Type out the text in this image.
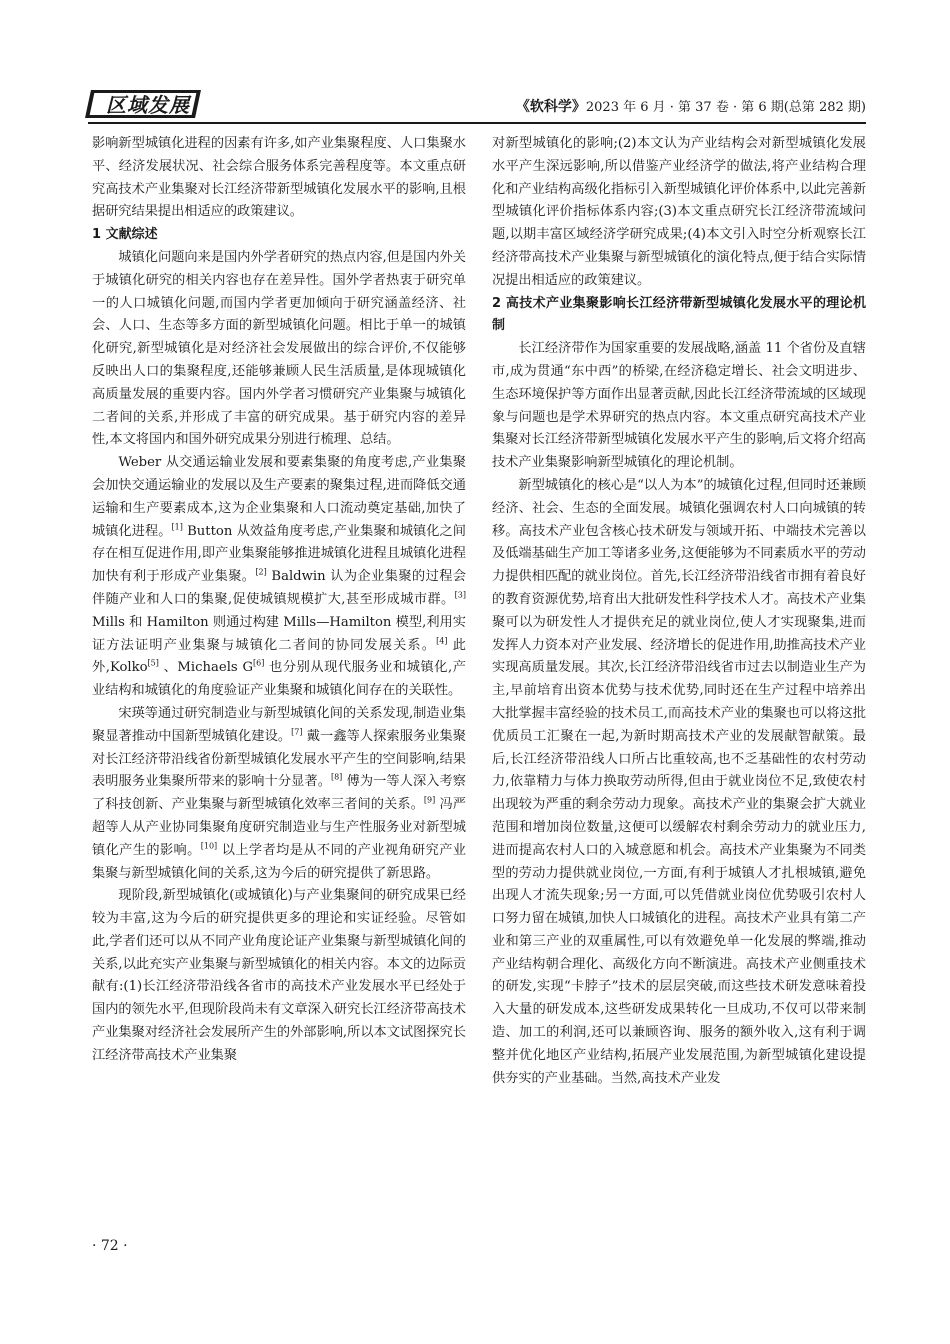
区域发展	《软科学》2023 年 6 月 · 第 37 卷 · 第 6 期(总第 282 期)

影响新型城镇化进程的因素有许多,如产业集聚程度、人口集聚水平、经济发展状况、社会综合服务体系完善程度等。本文重点研究高技术产业集聚对长江经济带新型城镇化发展水平的影响,且根据研究结果提出相适应的政策建议。

1 文献综述

城镇化问题向来是国内外学者研究的热点内容,但是国内外关于城镇化研究的相关内容也存在差异性。国外学者热衷于研究单一的人口城镇化问题,而国内学者更加倾向于研究涵盖经济、社会、人口、生态等多方面的新型城镇化问题。相比于单一的城镇化研究,新型城镇化是对经济社会发展做出的综合评价,不仅能够反映出人口的集聚程度,还能够兼顾人民生活质量,是体现城镇化高质量发展的重要内容。国内外学者习惯研究产业集聚与城镇化二者间的关系,并形成了丰富的研究成果。基于研究内容的差异性,本文将国内和国外研究成果分别进行梳理、总结。

Weber 从交通运输业发展和要素集聚的角度考虑,产业集聚会加快交通运输业的发展以及生产要素的聚集过程,进而降低交通运输和生产要素成本,这为企业集聚和人口流动奠定基础,加快了城镇化进程。[1] Button 从效益角度考虑,产业集聚和城镇化之间存在相互促进作用,即产业集聚能够推进城镇化进程且城镇化进程加快有利于形成产业集聚。[2] Baldwin 认为企业集聚的过程会伴随产业和人口的集聚,促使城镇规模扩大,甚至形成城市群。[3] Mills 和 Hamilton 则通过构建 Mills—Hamilton 模型,利用实证方法证明产业集聚与城镇化二者间的协同发展关系。[4] 此外,Kolko[5] 、Michaels G[6] 也分别从现代服务业和城镇化,产业结构和城镇化的角度验证产业集聚和城镇化间存在的关联性。

宋瑛等通过研究制造业与新型城镇化间的关系发现,制造业集聚显著推动中国新型城镇化建设。[7] 戴一鑫等人探索服务业集聚对长江经济带沿线省份新型城镇化发展水平产生的空间影响,结果表明服务业集聚所带来的影响十分显著。[8] 傅为一等人深入考察了科技创新、产业集聚与新型城镇化效率三者间的关系。[9] 冯严超等人从产业协同集聚角度研究制造业与生产性服务业对新型城镇化产生的影响。[10] 以上学者均是从不同的产业视角研究产业集聚与新型城镇化间的关系,这为今后的研究提供了新思路。

现阶段,新型城镇化(或城镇化)与产业集聚间的研究成果已经较为丰富,这为今后的研究提供更多的理论和实证经验。尽管如此,学者们还可以从不同产业角度论证产业集聚与新型城镇化间的关系,以此充实产业集聚与新型城镇化的相关内容。本文的边际贡献有:(1)长江经济带沿线各省市的高技术产业发展水平已经处于国内的领先水平,但现阶段尚未有文章深入研究长江经济带高技术产业集聚对经济社会发展所产生的外部影响,所以本文试图探究长江经济带高技术产业集聚

对新型城镇化的影响;(2)本文认为产业结构会对新型城镇化发展水平产生深远影响,所以借鉴产业经济学的做法,将产业结构合理化和产业结构高级化指标引入新型城镇化评价体系中,以此完善新型城镇化评价指标体系内容;(3)本文重点研究长江经济带流域问题,以期丰富区域经济学研究成果;(4)本文引入时空分析观察长江经济带高技术产业集聚与新型城镇化的演化特点,便于结合实际情况提出相适应的政策建议。

2 高技术产业集聚影响长江经济带新型城镇化发展水平的理论机制

长江经济带作为国家重要的发展战略,涵盖 11 个省份及直辖市,成为贯通“东中西”的桥梁,在经济稳定增长、社会文明进步、生态环境保护等方面作出显著贡献,因此长江经济带流域的区域现象与问题也是学术界研究的热点内容。本文重点研究高技术产业集聚对长江经济带新型城镇化发展水平产生的影响,后文将介绍高技术产业集聚影响新型城镇化的理论机制。

新型城镇化的核心是“以人为本”的城镇化过程,但同时还兼顾经济、社会、生态的全面发展。城镇化强调农村人口向城镇的转移。高技术产业包含核心技术研发与领域开拓、中端技术完善以及低端基础生产加工等诸多业务,这便能够为不同素质水平的劳动力提供相匹配的就业岗位。首先,长江经济带沿线省市拥有着良好的教育资源优势,培育出大批研发性科学技术人才。高技术产业集聚可以为研发性人才提供充足的就业岗位,使人才实现聚集,进而发挥人力资本对产业发展、经济增长的促进作用,助推高技术产业实现高质量发展。其次,长江经济带沿线省市过去以制造业生产为主,早前培育出资本优势与技术优势,同时还在生产过程中培养出大批掌握丰富经验的技术员工,而高技术产业的集聚也可以将这批优质员工汇聚在一起,为新时期高技术产业的发展献智献策。最后,长江经济带沿线人口所占比重较高,也不乏基础性的农村劳动力,依靠精力与体力换取劳动所得,但由于就业岗位不足,致使农村出现较为严重的剩余劳动力现象。高技术产业的集聚会扩大就业范围和增加岗位数量,这便可以缓解农村剩余劳动力的就业压力,进而提高农村人口的入城意愿和机会。高技术产业集聚为不同类型的劳动力提供就业岗位,一方面,有利于城镇人才扎根城镇,避免出现人才流失现象;另一方面,可以凭借就业岗位优势吸引农村人口努力留在城镇,加快人口城镇化的进程。高技术产业具有第二产业和第三产业的双重属性,可以有效避免单一化发展的弊端,推动产业结构朝合理化、高级化方向不断演进。高技术产业侧重技术的研发,实现“卡脖子”技术的层层突破,而这些技术研发意味着投入大量的研发成本,这些研发成果转化一旦成功,不仅可以带来制造、加工的利润,还可以兼顾咨询、服务的额外收入,这有利于调整并优化地区产业结构,拓展产业发展范围,为新型城镇化建设提供夯实的产业基础。当然,高技术产业发

· 72 ·
